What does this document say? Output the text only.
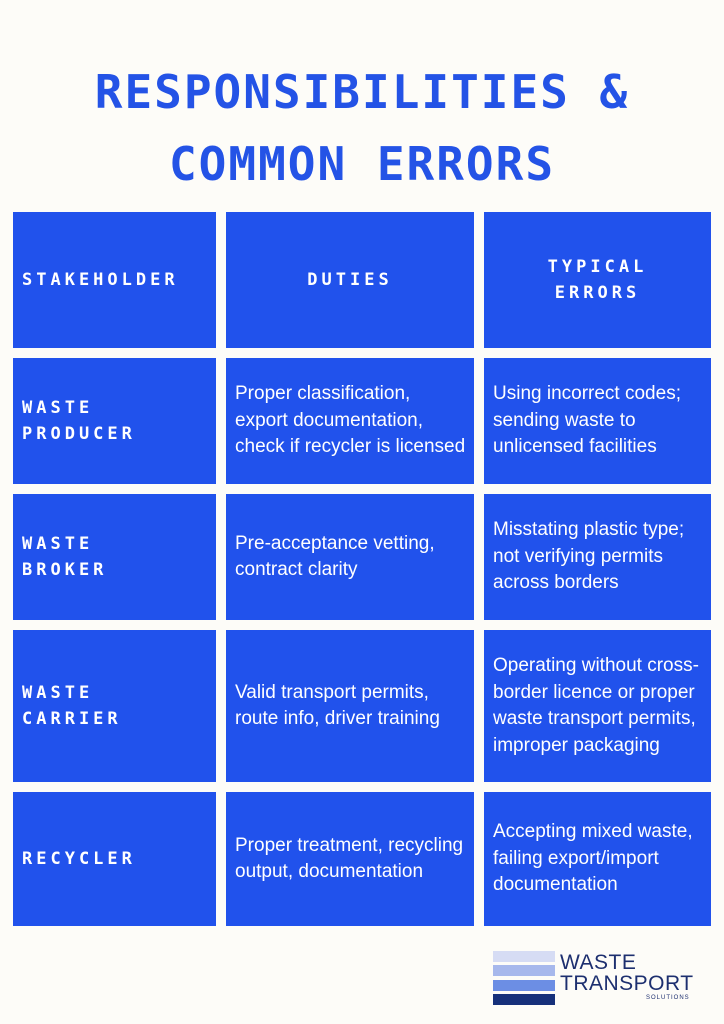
RESPONSIBILITIES &
COMMON ERRORS
STAKEHOLDER	DUTIES
TYPICAL ERRORS
WASTE PRODUCER
Proper classification, export documentation, check if recycler is licensed
Using incorrect codes; sending waste to unlicensed facilities
WASTE BROKER
Pre-acceptance vetting, contract clarity
Misstating plastic type; not verifying permits across borders
WASTE CARRIER
Valid transport permits, route info, driver training
Operating without cross-border licence or proper waste transport permits, improper packaging
RECYCLER
Proper treatment, recycling output, documentation
Accepting mixed waste, failing export/import documentation
WASTE
TRANSPORT
SOLUTIONS
